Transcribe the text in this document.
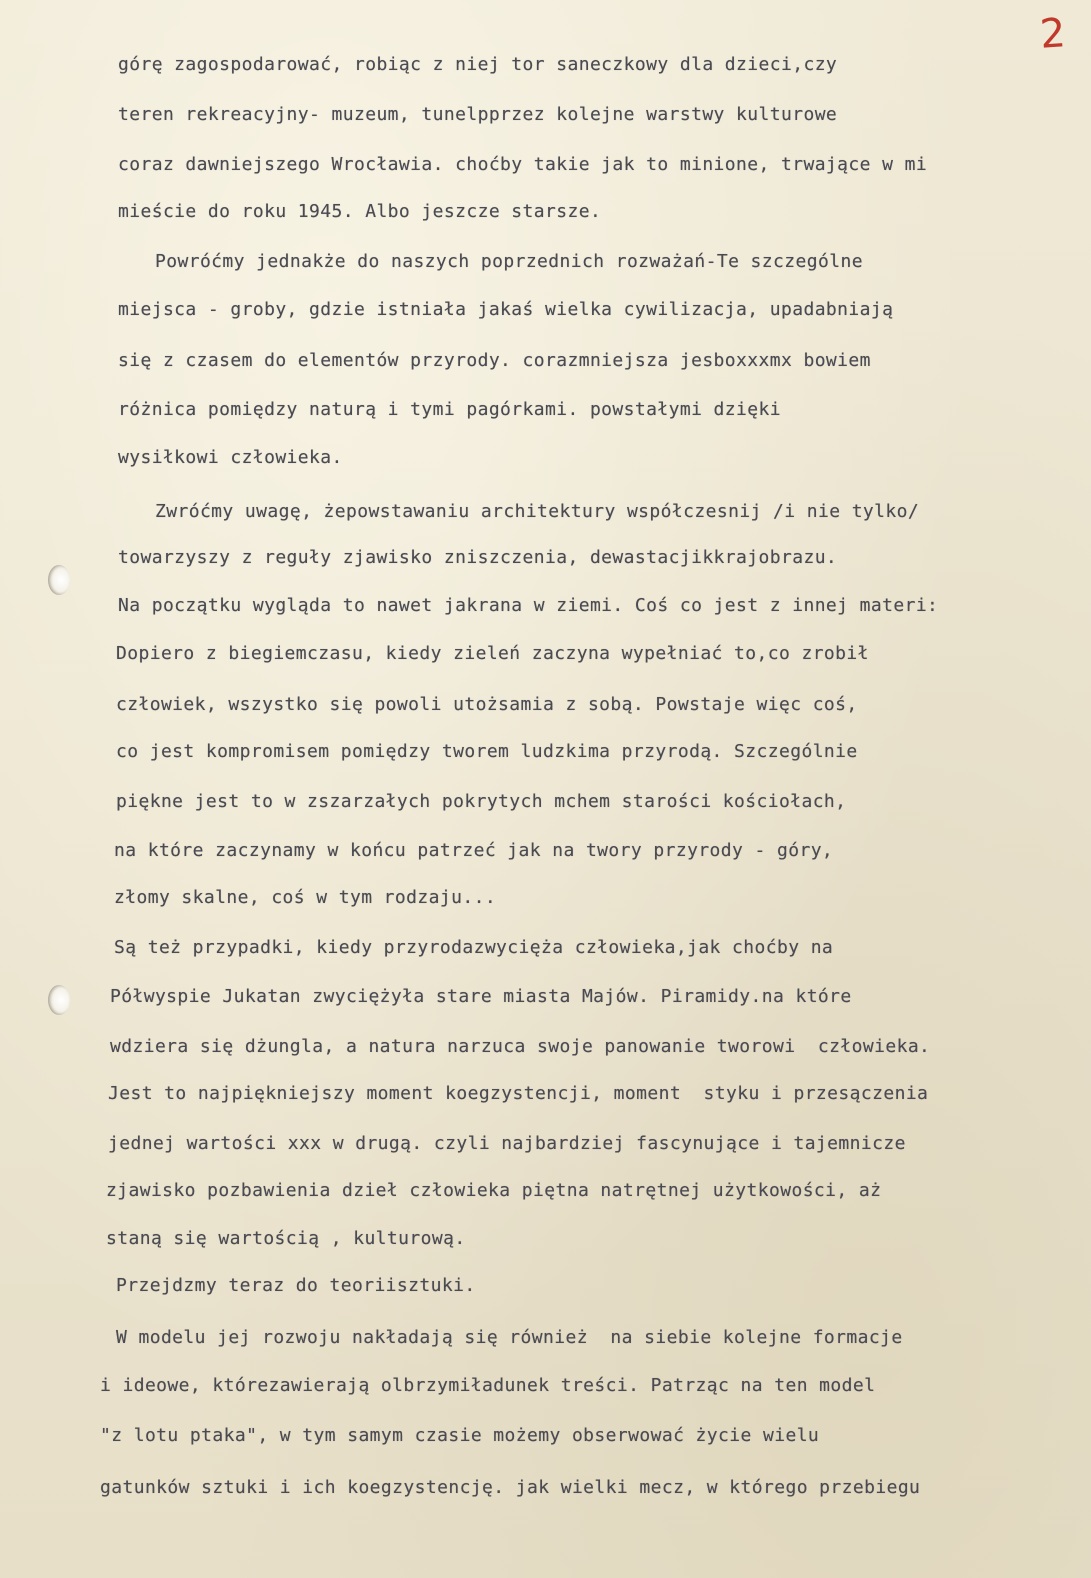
2

górę zagospodarować, robiąc z niej tor saneczkowy dla dzieci,czy

teren rekreacyjny- muzeum, tunelpprzez kolejne warstwy kulturowe

coraz dawniejszego Wrocławia. choćby takie jak to minione, trwające w mi

mieście do roku 1945. Albo jeszcze starsze.

Powróćmy jednakże do naszych poprzednich rozważań-Te szczególne

miejsca - groby, gdzie istniała jakaś wielka cywilizacja, upadabniają

się z czasem do elementów przyrody. corazmniejsza jesboxxxmx bowiem

różnica pomiędzy naturą i tymi pagórkami. powstałymi dzięki

wysiłkowi człowieka.

Zwróćmy uwagę, żepowstawaniu architektury współczesnij /i nie tylko/

towarzyszy z reguły zjawisko zniszczenia, dewastacjikkrajobrazu.

Na początku wygląda to nawet jakrana w ziemi. Coś co jest z innej materi:

Dopiero z biegiemczasu, kiedy zieleń zaczyna wypełniać to,co zrobił

człowiek, wszystko się powoli utożsamia z sobą. Powstaje więc coś,

co jest kompromisem pomiędzy tworem ludzkima przyrodą. Szczególnie

piękne jest to w zszarzałych pokrytych mchem starości kościołach,

na które zaczynamy w końcu patrzeć jak na twory przyrody - góry,

złomy skalne, coś w tym rodzaju...

Są też przypadki, kiedy przyrodazwycięża człowieka,jak choćby na

Półwyspie Jukatan zwyciężyła stare miasta Majów. Piramidy.na które

wdziera się dżungla, a natura narzuca swoje panowanie tworowi  człowieka.

Jest to najpiękniejszy moment koegzystencji, moment  styku i przesączenia

jednej wartości xxx w drugą. czyli najbardziej fascynujące i tajemnicze

zjawisko pozbawienia dzieł człowieka piętna natrętnej użytkowości, aż

staną się wartością , kulturową.

Przejdzmy teraz do teoriisztuki.

W modelu jej rozwoju nakładają się również  na siebie kolejne formacje

i ideowe, którezawierają olbrzymiładunek treści. Patrząc na ten model

"z lotu ptaka", w tym samym czasie możemy obserwować życie wielu

gatunków sztuki i ich koegzystencję. jak wielki mecz, w którego przebiegu
